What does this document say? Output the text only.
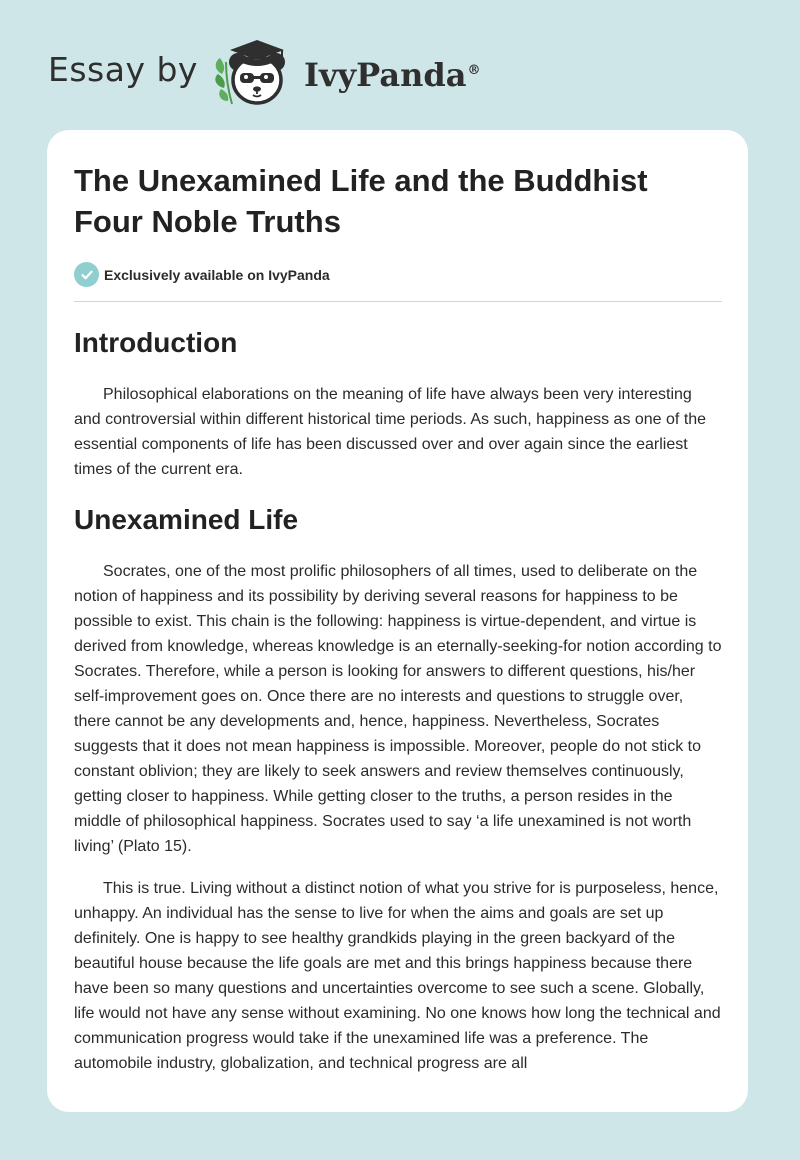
Essay by	IvyPanda®
The Unexamined Life and the Buddhist Four Noble Truths
Exclusively available on IvyPanda
Introduction

Philosophical elaborations on the meaning of life have always been very interesting and controversial within different historical time periods. As such, happiness as one of the essential components of life has been discussed over and over again since the earliest times of the current era.

Unexamined Life

Socrates, one of the most prolific philosophers of all times, used to deliberate on the notion of happiness and its possibility by deriving several reasons for happiness to be possible to exist. This chain is the following: happiness is virtue-dependent, and virtue is derived from knowledge, whereas knowledge is an eternally-seeking-for notion according to Socrates. Therefore, while a person is looking for answers to different questions, his/her self-improvement goes on. Once there are no interests and questions to struggle over, there cannot be any developments and, hence, happiness. Nevertheless, Socrates suggests that it does not mean happiness is impossible. Moreover, people do not stick to constant oblivion; they are likely to seek answers and review themselves continuously, getting closer to happiness. While getting closer to the truths, a person resides in the middle of philosophical happiness. Socrates used to say ‘a life unexamined is not worth living’ (Plato 15).

This is true. Living without a distinct notion of what you strive for is purposeless, hence, unhappy. An individual has the sense to live for when the aims and goals are set up definitely. One is happy to see healthy grandkids playing in the green backyard of the beautiful house because the life goals are met and this brings happiness because there have been so many questions and uncertainties overcome to see such a scene. Globally, life would not have any sense without examining. No one knows how long the technical and communication progress would take if the unexamined life was a preference. The automobile industry, globalization, and technical progress are all
